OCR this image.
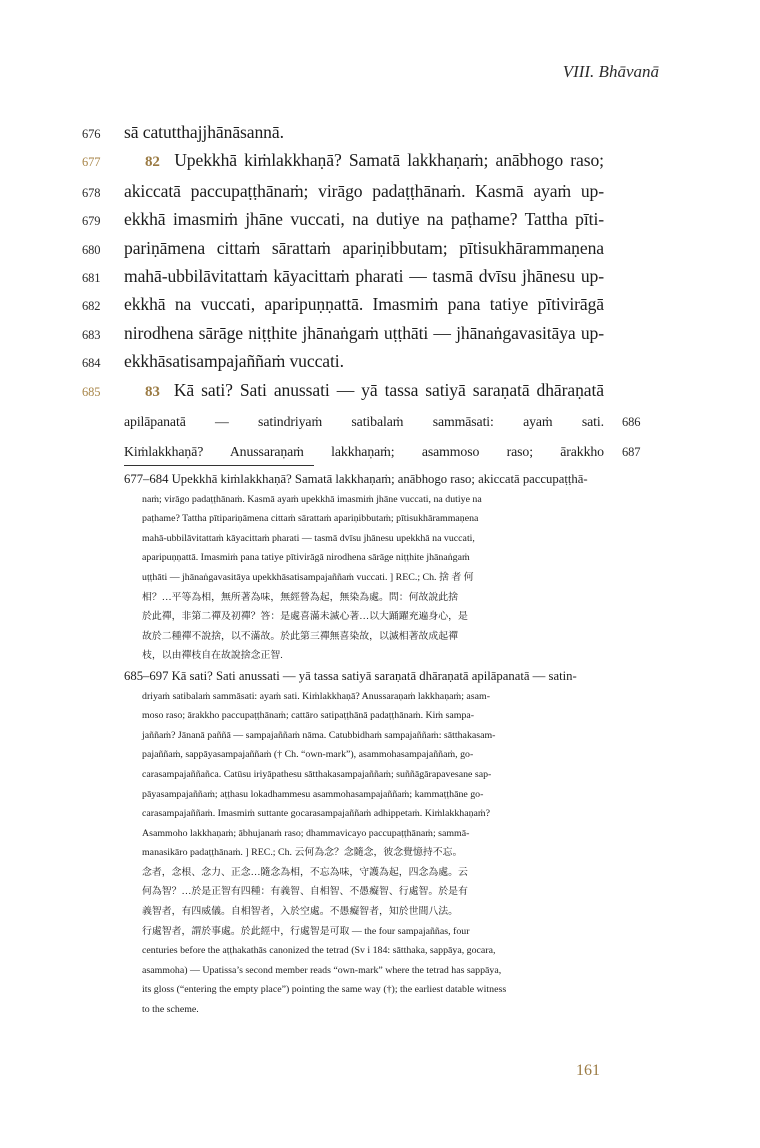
VIII. Bhāvanā
676	sā catutthajjhānāsannā.
677	82 Upekkhā kiṁlakkhaṇā? Samatā lakkhaṇaṁ; anābhogo raso;
678	akiccatā paccupaṭṭhānaṁ; virāgo padaṭṭhānaṁ. Kasmā ayaṁ up-
679	ekkhā imasmiṁ jhāne vuccati, na dutiye na paṭhame? Tattha pīti-
680	pariṇāmena cittaṁ sārattaṁ apariṇibbutam; pītisukhārammaṇena
681	mahā-ubbilāvitattaṁ kāyacittaṁ pharati — tasmā dvīsu jhānesu up-
682	ekkhā na vuccati, aparipuṇṇattā. Imasmiṁ pana tatiye pītivirāgā
683	nirodhena sārāge niṭṭhite jhānaṅgaṁ uṭṭhāti — jhānaṅgavasitāya up-
684	ekkhāsatisampajaññaṁ vuccati.
685	83 Kā sati? Sati anussati — yā tassa satiyā saraṇatā dhāraṇatā
apilāpanatā — satindriyaṁ satibalaṁ sammāsati: ayaṁ sati. 686
Kiṁlakkhaṇā? Anussaraṇaṁ lakkhaṇaṁ; asammoso raso; ārakkho 687
677–684 Upekkhā kiṁlakkhaṇā? Samatā lakkhaṇaṁ; anābhogo raso; akiccatā paccupaṭṭhā-
naṁ; virāgo padaṭṭhānaṁ. Kasmā ayaṁ upekkhā imasmiṁ jhāne vuccati, na dutiye na
paṭhame? Tattha pītipariṇāmena cittaṁ sārattaṁ apariṇibbutaṁ; pītisukhārammaṇena
mahā-ubbilāvitattaṁ kāyacittaṁ pharati — tasmā dvīsu jhānesu upekkhā na vuccati,
aparipuṇṇattā. Imasmiṁ pana tatiye pītivirāgā nirodhena sārāge niṭṭhite jhānaṅgaṁ
uṭṭhāti — jhānaṅgavasitāya upekkhāsatisampajaññaṁ vuccati. ] REC.; Ch. 捨 者 何
相？…平等為相，無所著為味，無經營為起，無染為處。問：何故說此捨
於此禪，非第二禪及初禪？答：是處喜滿未滅心著…以大踊躍充遍身心，是
故於二種禪不說捨，以不滿故。於此第三禪無喜染故，以滅相著故成起禪
枝，以由禪枝自在故說捨念正智.
685–697 Kā sati? Sati anussati — yā tassa satiyā saraṇatā dhāraṇatā apilāpanatā — satin-
driyaṁ satibalaṁ sammāsati: ayaṁ sati. Kiṁlakkhaṇā? Anussaraṇaṁ lakkhaṇaṁ; asam-
moso raso; ārakkho paccupaṭṭhānaṁ; cattāro satipaṭṭhānā padaṭṭhānaṁ. Kiṁ sampa-
jaññaṁ? Jānanā paññā — sampajaññaṁ nāma. Catubbidhaṁ sampajaññaṁ: sātthakasam-
pajaññaṁ, sappāyasampajaññaṁ († Ch. “own-mark”), asammohasampajaññaṁ, go-
carasampajaññañca. Catūsu iriyāpathesu sātthakasampajaññaṁ; suññāgārapavesane sap-
pāyasampajaññaṁ; aṭṭhasu lokadhammesu asammohasampajaññaṁ; kammaṭṭhāne go-
carasampajaññaṁ. Imasmiṁ suttante gocarasampajaññaṁ adhippetaṁ. Kiṁlakkhaṇaṁ?
Asammoho lakkhaṇaṁ; ābhujanaṁ raso; dhammavicayo paccupaṭṭhānaṁ; sammā-
manasikāro padaṭṭhānaṁ. ] REC.; Ch. 云何為念？念隨念，彼念覺憶持不忘。
念者，念根、念力、正念…隨念為相，不忘為味，守護為起，四念為處。云
何為智？…於是正智有四種：有義智、自相智、不愚癡智、行處智。於是有
義智者，有四威儀。自相智者，入於空處。不愚癡智者，知於世間八法。
行處智者，謂於事處。於此經中，行處智是可取 — the four sampajaññas, four
centuries before the aṭṭhakathās canonized the tetrad (Sv i 184: sātthaka, sappāya, gocara,
asammoha) — Upatissa’s second member reads “own-mark” where the tetrad has sappāya,
its gloss (“entering the empty place”) pointing the same way (†); the earliest datable witness
to the scheme.
161
